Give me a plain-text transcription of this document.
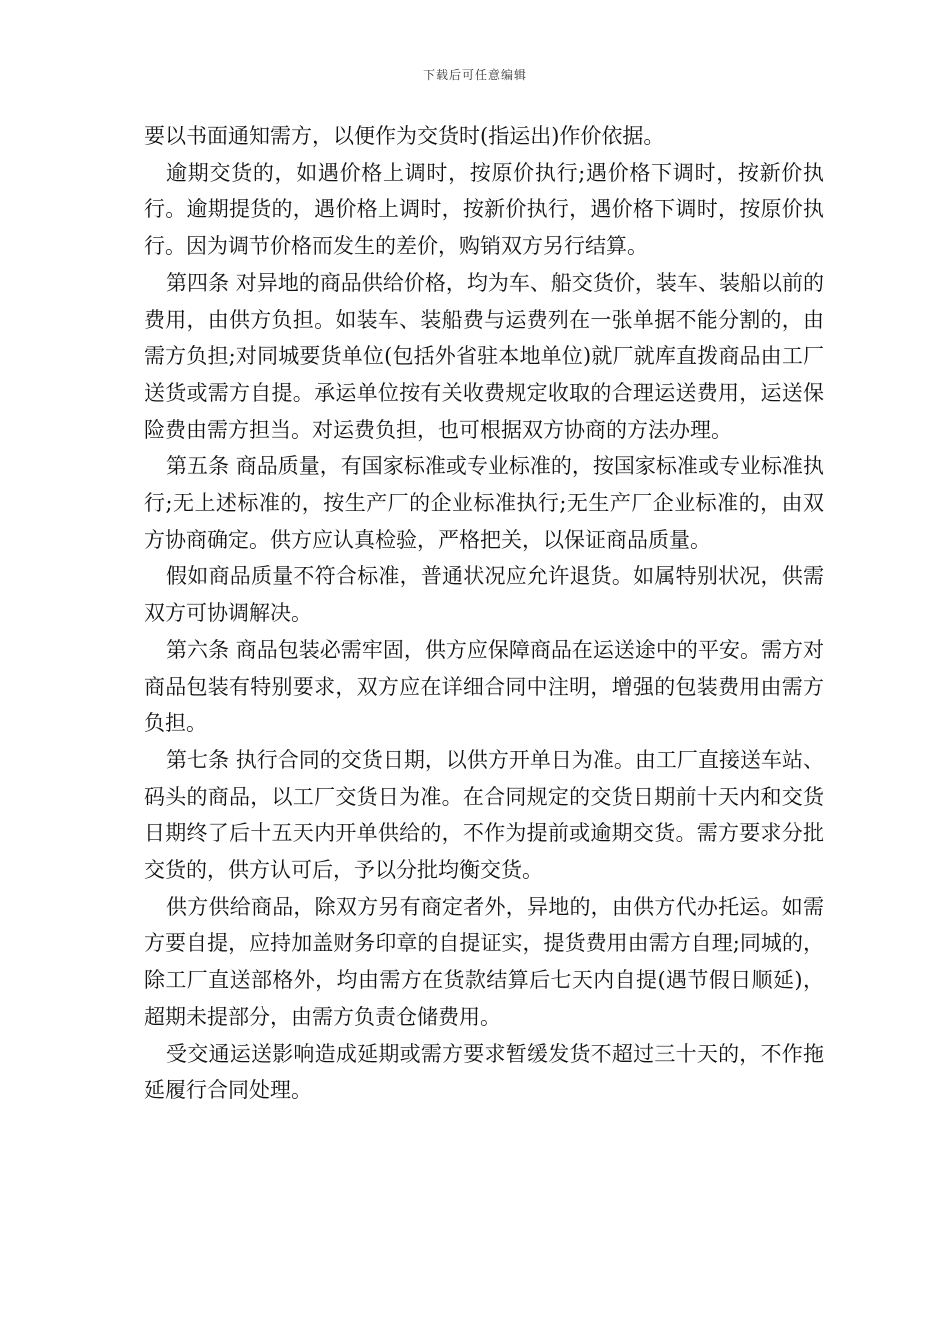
下载后可任意编辑

要以书面通知需方，以便作为交货时(指运出)作价依据。

逾期交货的，如遇价格上调时，按原价执行;遇价格下调时，按新价执行。逾期提货的，遇价格上调时，按新价执行，遇价格下调时，按原价执行。因为调节价格而发生的差价，购销双方另行结算。

第四条 对异地的商品供给价格，均为车、船交货价，装车、装船以前的费用，由供方负担。如装车、装船费与运费列在一张单据不能分割的，由需方负担;对同城要货单位(包括外省驻本地单位)就厂就库直拨商品由工厂送货或需方自提。承运单位按有关收费规定收取的合理运送费用，运送保险费由需方担当。对运费负担，也可根据双方协商的方法办理。

第五条 商品质量，有国家标准或专业标准的，按国家标准或专业标准执行;无上述标准的，按生产厂的企业标准执行;无生产厂企业标准的，由双方协商确定。供方应认真检验，严格把关，以保证商品质量。

假如商品质量不符合标准，普通状况应允许退货。如属特别状况，供需双方可协调解决。

第六条 商品包装必需牢固，供方应保障商品在运送途中的平安。需方对商品包装有特别要求，双方应在详细合同中注明，增强的包装费用由需方负担。

第七条 执行合同的交货日期，以供方开单日为准。由工厂直接送车站、码头的商品，以工厂交货日为准。在合同规定的交货日期前十天内和交货日期终了后十五天内开单供给的，不作为提前或逾期交货。需方要求分批交货的，供方认可后，予以分批均衡交货。

供方供给商品，除双方另有商定者外，异地的，由供方代办托运。如需方要自提，应持加盖财务印章的自提证实，提货费用由需方自理;同城的，除工厂直送部格外，均由需方在货款结算后七天内自提(遇节假日顺延)，超期未提部分，由需方负责仓储费用。

受交通运送影响造成延期或需方要求暂缓发货不超过三十天的，不作拖延履行合同处理。
